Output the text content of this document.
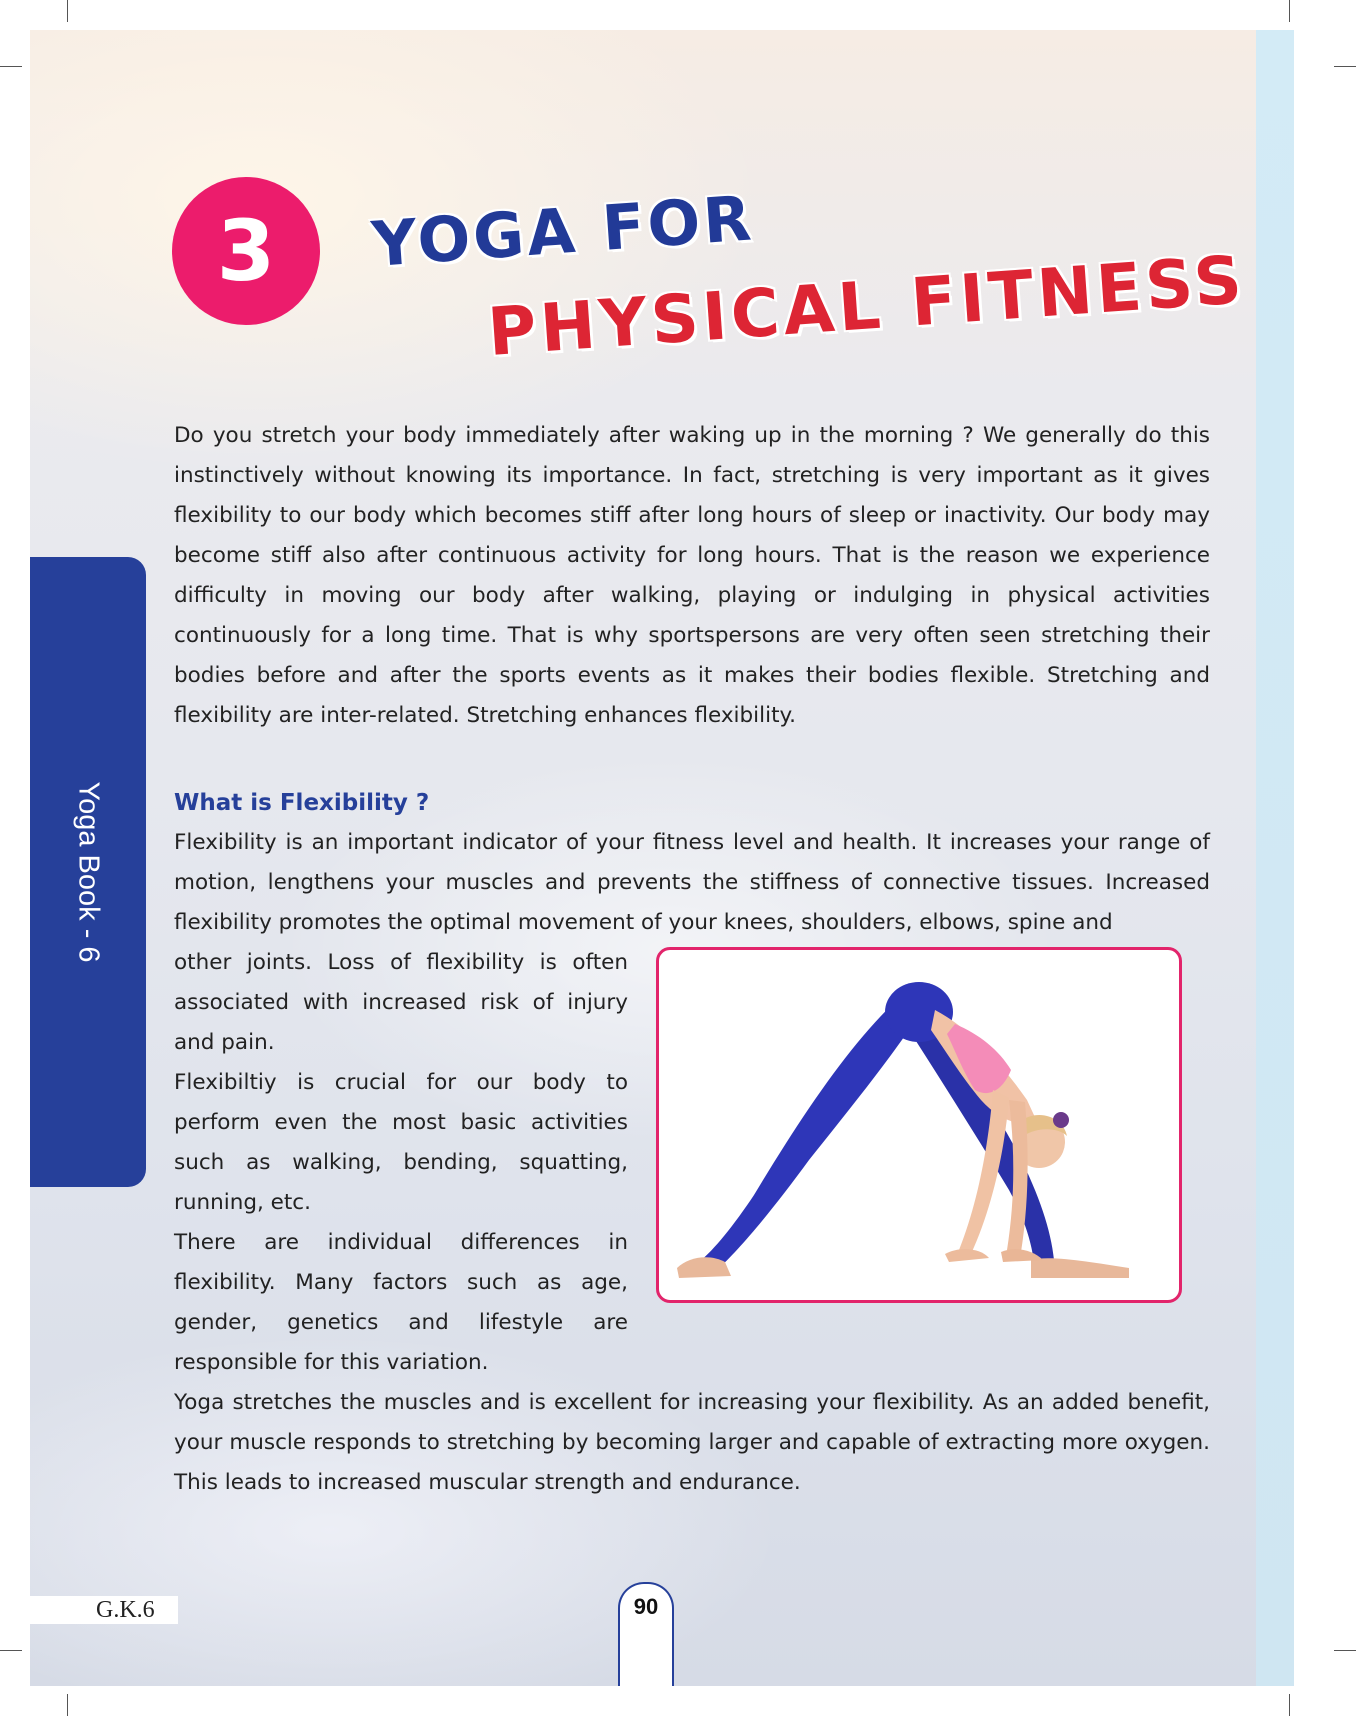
Yoga Book - 6
3	YOGA FOR
PHYSICAL FITNESS

Do you stretch your body immediately after waking up in the morning ? We generally do this instinctively without knowing its importance. In fact, stretching is very important as it gives flexibility to our body which becomes stiff after long hours of sleep or inactivity. Our body may become stiff also after continuous activity for long hours. That is the reason we experience difficulty in moving our body after walking, playing or indulging in physical activities continuously for a long time. That is why sportspersons are very often seen stretching their bodies before and after the sports events as it makes their bodies flexible. Stretching and flexibility are inter-related. Stretching enhances flexibility.

What is Flexibility ?

Flexibility is an important indicator of your fitness level and health. It increases your range of motion, lengthens your muscles and prevents the stiffness of connective tissues. Increased flexibility promotes the optimal movement of your knees, shoulders, elbows, spine and

other joints. Loss of flexibility is often associated with increased risk of injury and pain.

Flexibiltiy is crucial for our body to perform even the most basic activities such as walking, bending, squatting, running, etc.

There are individual differences in flexibility. Many factors such as age, gender, genetics and lifestyle are responsible for this variation.

Yoga stretches the muscles and is excellent for increasing your flexibility. As an added benefit, your muscle responds to stretching by becoming larger and capable of extracting more oxygen. This leads to increased muscular strength and endurance.

G.K.6	90
